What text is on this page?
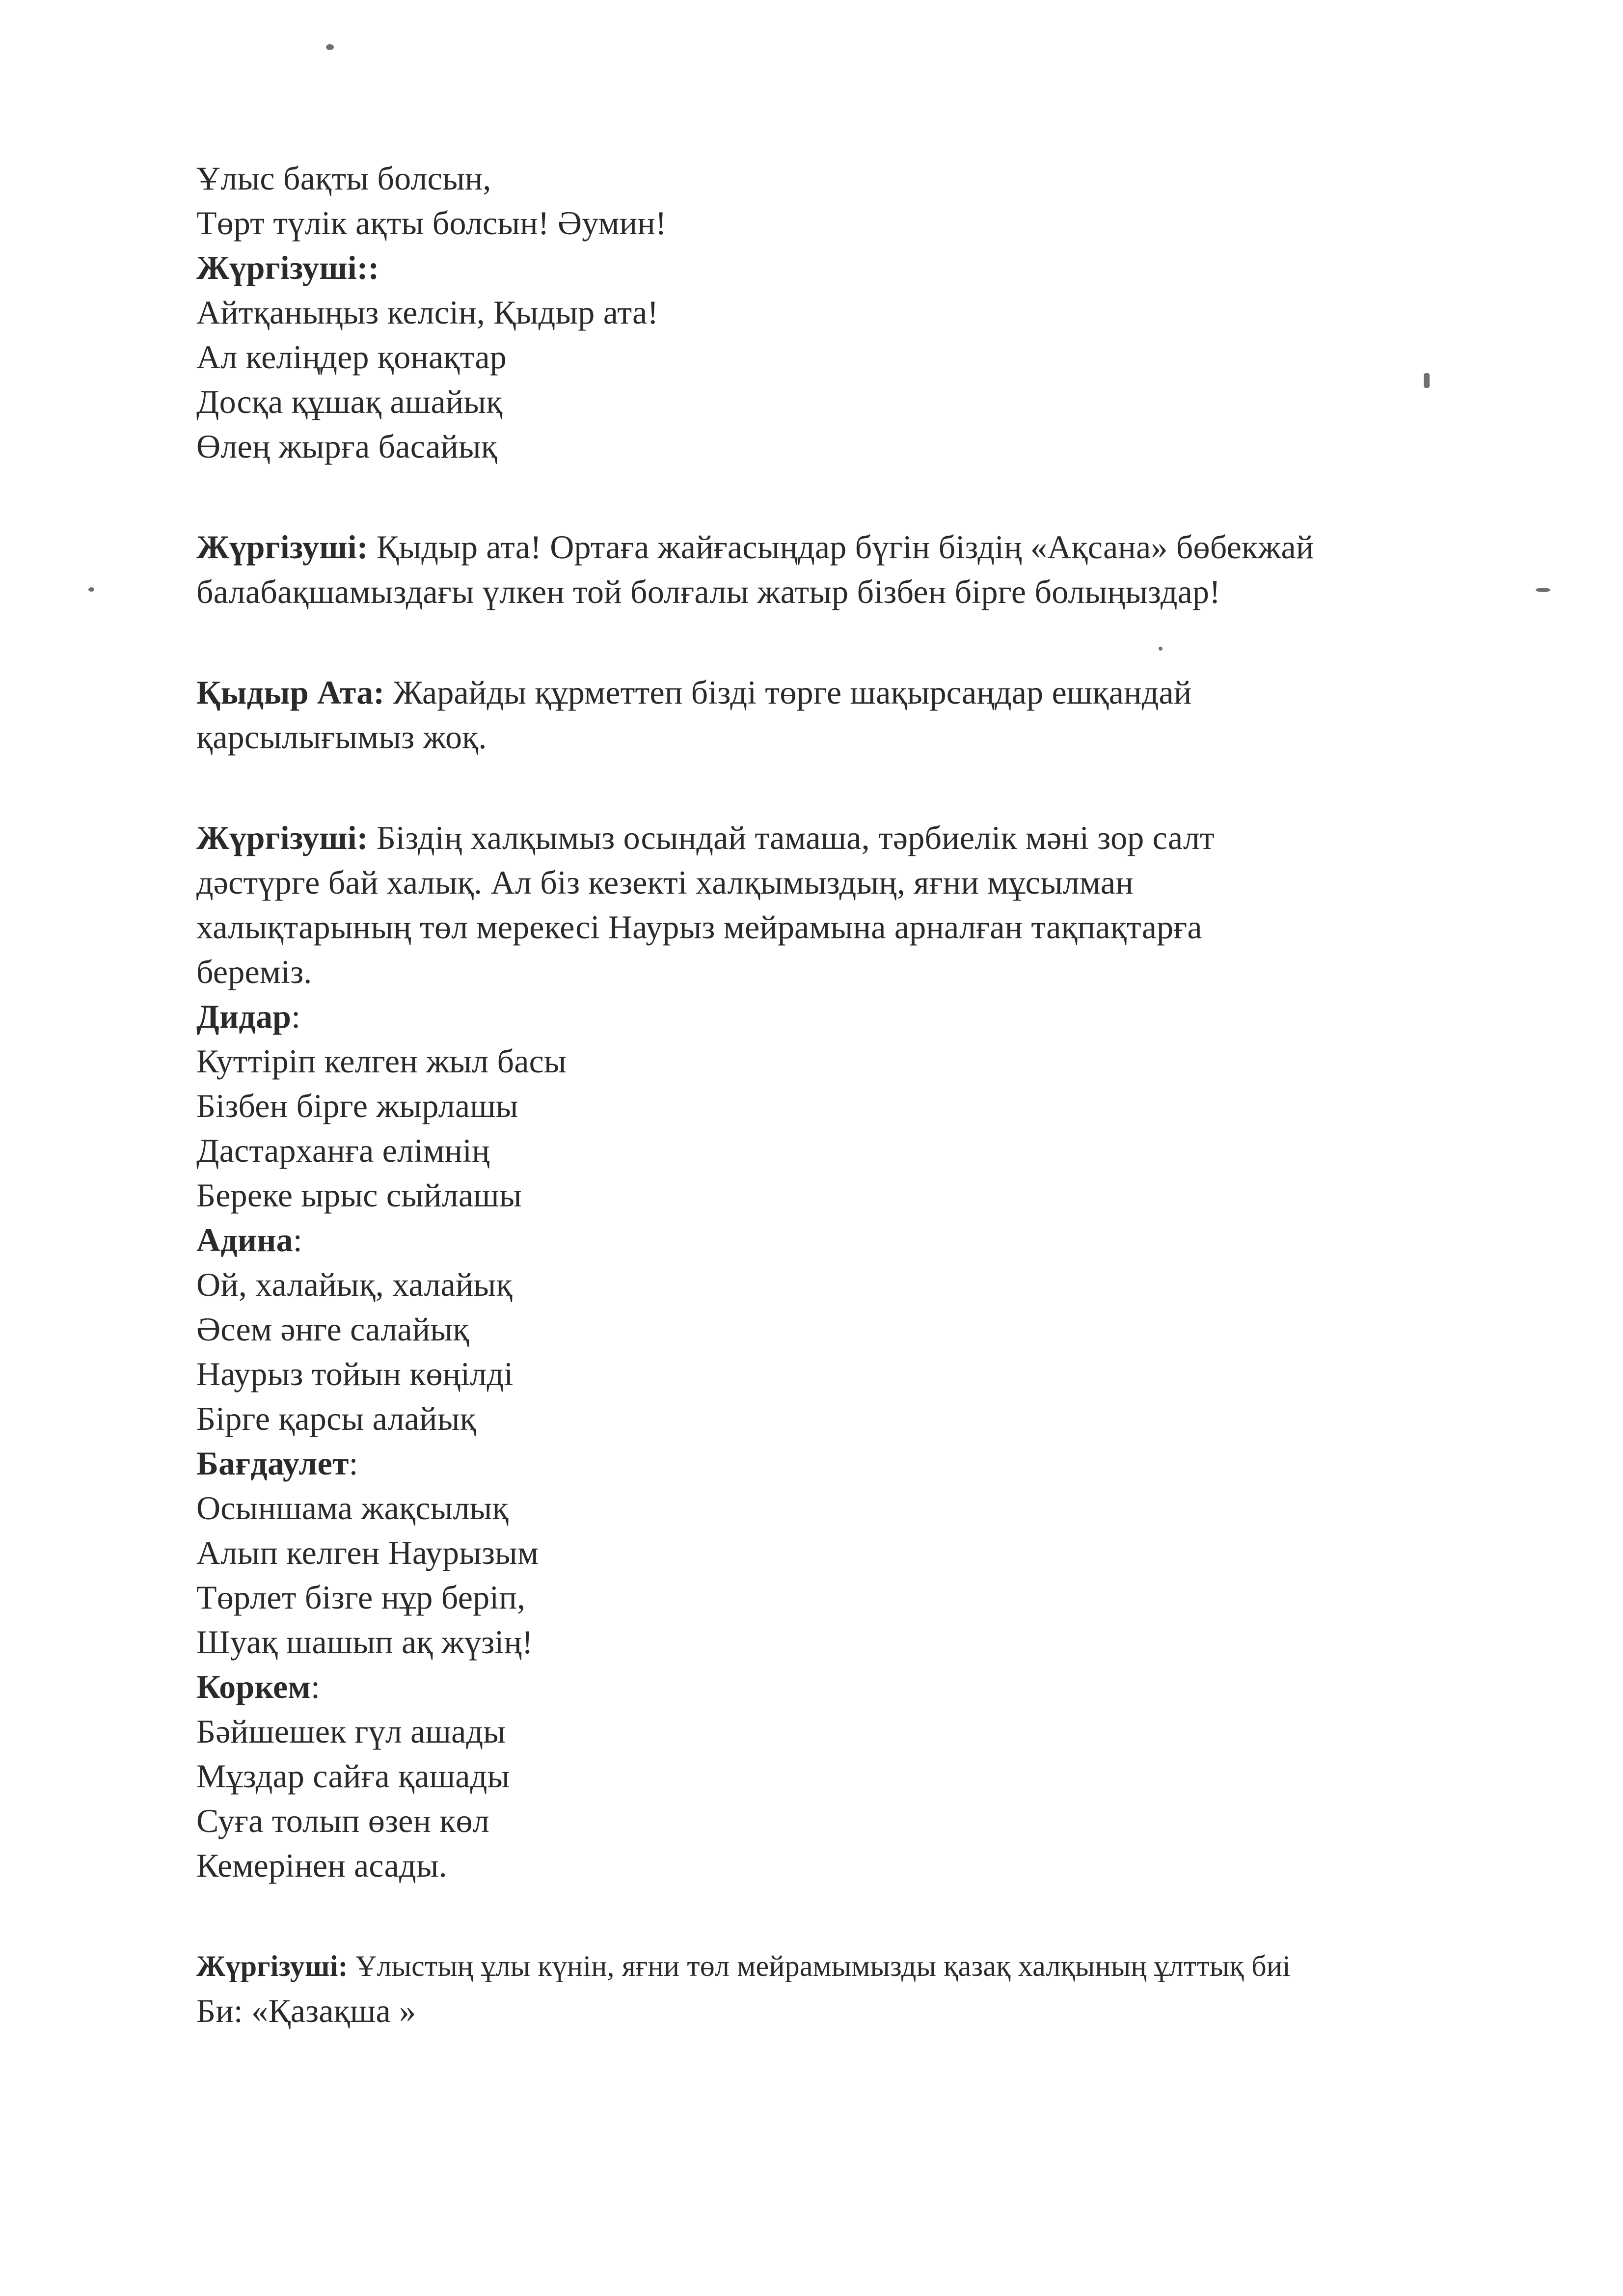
Ұлыс бақты болсын,
Төрт түлік ақты болсын! Әумин!
Жүргізуші::
Айтқаныңыз келсін, Қыдыр ата!
Ал келіңдер қонақтар
Досқа құшақ ашайық
Өлең жырға басайық
Жүргізуші: Қыдыр ата! Ортаға жайғасыңдар бүгін біздің «Ақсана» бөбекжай
балабақшамыздағы үлкен той болғалы жатыр бізбен бірге болыңыздар!
Қыдыр Ата: Жарайды құрметтеп бізді төрге шақырсаңдар ешқандай
қарсылығымыз жоқ.
Жүргізуші: Біздің халқымыз осындай тамаша, тәрбиелік мәні зор салт
дәстүрге бай халық. Ал біз кезекті халқымыздың, яғни мұсылман
халықтарының төл мерекесі Наурыз мейрамына арналған тақпақтарға
береміз.
Дидар:
Куттіріп келген жыл басы
Бізбен бірге жырлашы
Дастарханға елімнің
Береке ырыс сыйлашы
Адина:
Ой, халайық, халайық
Әсем әнге салайық
Наурыз тойын көңілді
Бірге қарсы алайық
Бағдаулет:
Осыншама жақсылық
Алып келген Наурызым
Төрлет бізге нұр беріп,
Шуақ шашып ақ жүзің!
Коркем:
Бәйшешек гүл ашады
Мұздар сайға қашады
Суға толып өзен көл
Кемерінен асады.
Жүргізуші: Ұлыстың ұлы күнін, яғни төл мейрамымызды қазақ халқының ұлттық биі
Би: «Қазақша »
